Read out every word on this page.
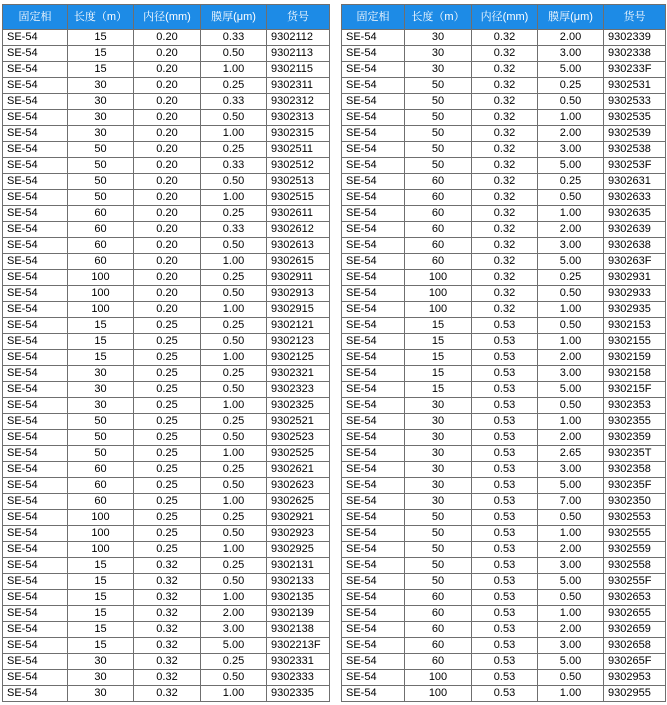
固定相	长度（m）	内径(mm)	膜厚(μm)	货号
SE-54	15	0.20	0.33	9302112
SE-54	15	0.20	0.50	9302113
SE-54	15	0.20	1.00	9302115
SE-54	30	0.20	0.25	9302311
SE-54	30	0.20	0.33	9302312
SE-54	30	0.20	0.50	9302313
SE-54	30	0.20	1.00	9302315
SE-54	50	0.20	0.25	9302511
SE-54	50	0.20	0.33	9302512
SE-54	50	0.20	0.50	9302513
SE-54	50	0.20	1.00	9302515
SE-54	60	0.20	0.25	9302611
SE-54	60	0.20	0.33	9302612
SE-54	60	0.20	0.50	9302613
SE-54	60	0.20	1.00	9302615
SE-54	100	0.20	0.25	9302911
SE-54	100	0.20	0.50	9302913
SE-54	100	0.20	1.00	9302915
SE-54	15	0.25	0.25	9302121
SE-54	15	0.25	0.50	9302123
SE-54	15	0.25	1.00	9302125
SE-54	30	0.25	0.25	9302321
SE-54	30	0.25	0.50	9302323
SE-54	30	0.25	1.00	9302325
SE-54	50	0.25	0.25	9302521
SE-54	50	0.25	0.50	9302523
SE-54	50	0.25	1.00	9302525
SE-54	60	0.25	0.25	9302621
SE-54	60	0.25	0.50	9302623
SE-54	60	0.25	1.00	9302625
SE-54	100	0.25	0.25	9302921
SE-54	100	0.25	0.50	9302923
SE-54	100	0.25	1.00	9302925
SE-54	15	0.32	0.25	9302131
SE-54	15	0.32	0.50	9302133
SE-54	15	0.32	1.00	9302135
SE-54	15	0.32	2.00	9302139
SE-54	15	0.32	3.00	9302138
SE-54	15	0.32	5.00	9302213F
SE-54	30	0.32	0.25	9302331
SE-54	30	0.32	0.50	9302333
SE-54	30	0.32	1.00	9302335
固定相	长度（m）	内径(mm)	膜厚(μm)	货号
SE-54	30	0.32	2.00	9302339
SE-54	30	0.32	3.00	9302338
SE-54	30	0.32	5.00	930233F
SE-54	50	0.32	0.25	9302531
SE-54	50	0.32	0.50	9302533
SE-54	50	0.32	1.00	9302535
SE-54	50	0.32	2.00	9302539
SE-54	50	0.32	3.00	9302538
SE-54	50	0.32	5.00	930253F
SE-54	60	0.32	0.25	9302631
SE-54	60	0.32	0.50	9302633
SE-54	60	0.32	1.00	9302635
SE-54	60	0.32	2.00	9302639
SE-54	60	0.32	3.00	9302638
SE-54	60	0.32	5.00	930263F
SE-54	100	0.32	0.25	9302931
SE-54	100	0.32	0.50	9302933
SE-54	100	0.32	1.00	9302935
SE-54	15	0.53	0.50	9302153
SE-54	15	0.53	1.00	9302155
SE-54	15	0.53	2.00	9302159
SE-54	15	0.53	3.00	9302158
SE-54	15	0.53	5.00	930215F
SE-54	30	0.53	0.50	9302353
SE-54	30	0.53	1.00	9302355
SE-54	30	0.53	2.00	9302359
SE-54	30	0.53	2.65	930235T
SE-54	30	0.53	3.00	9302358
SE-54	30	0.53	5.00	930235F
SE-54	30	0.53	7.00	9302350
SE-54	50	0.53	0.50	9302553
SE-54	50	0.53	1.00	9302555
SE-54	50	0.53	2.00	9302559
SE-54	50	0.53	3.00	9302558
SE-54	50	0.53	5.00	930255F
SE-54	60	0.53	0.50	9302653
SE-54	60	0.53	1.00	9302655
SE-54	60	0.53	2.00	9302659
SE-54	60	0.53	3.00	9302658
SE-54	60	0.53	5.00	930265F
SE-54	100	0.53	0.50	9302953
SE-54	100	0.53	1.00	9302955
